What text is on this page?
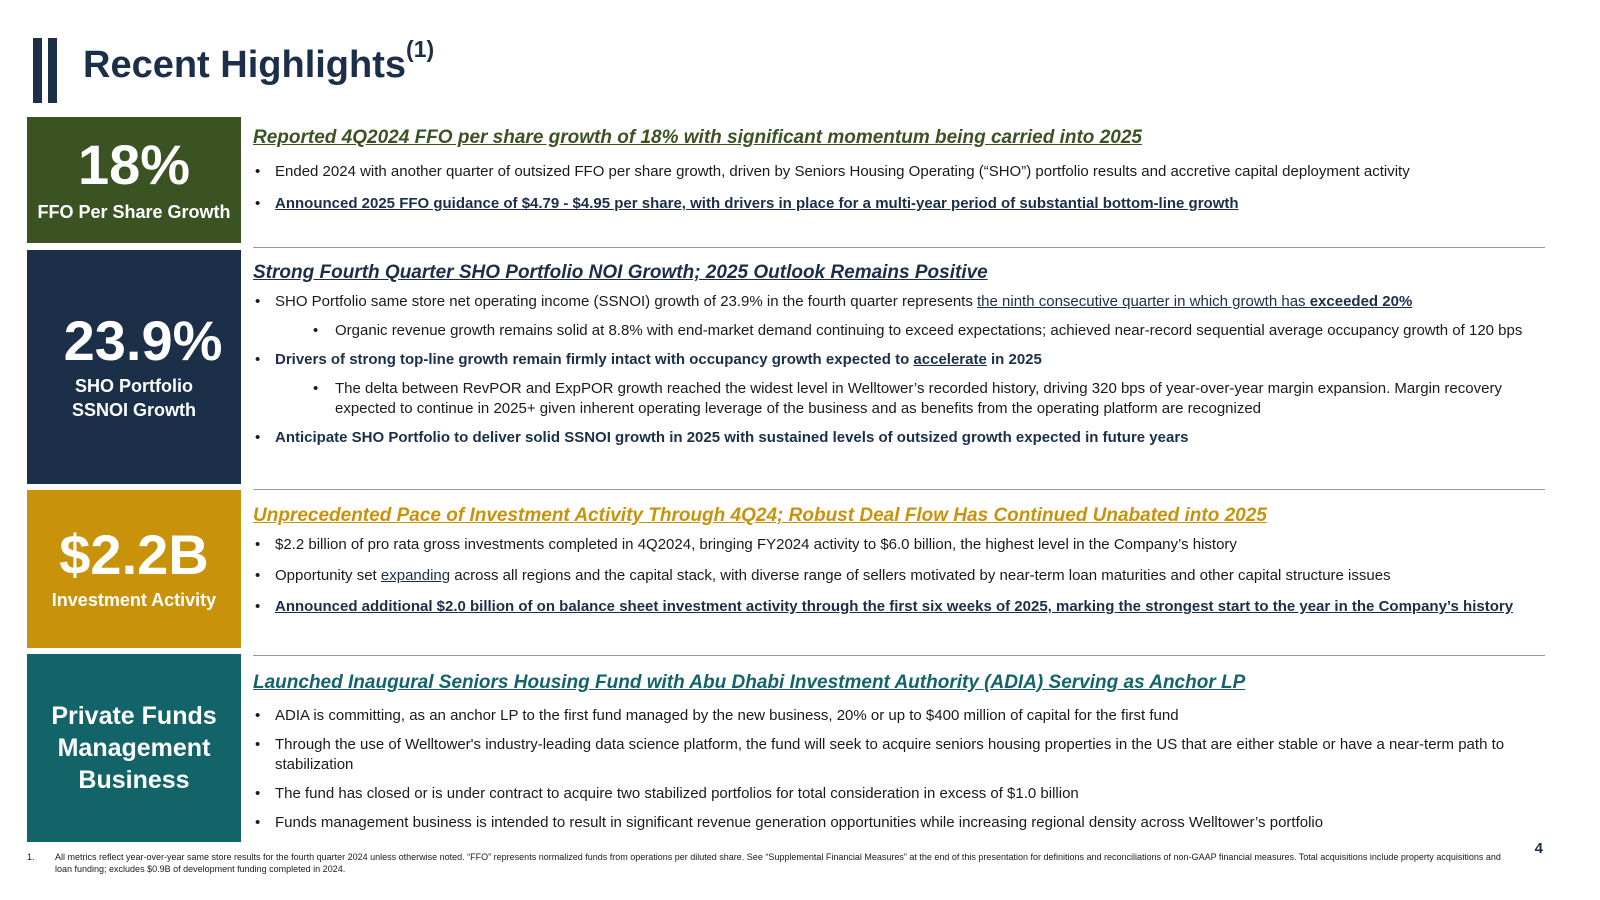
Recent Highlights$^{(1)}$
18%
FFO Per Share Growth
Reported 4Q2024 FFO per share growth of 18% with significant momentum being carried into 2025
• Ended 2024 with another quarter of outsized FFO per share growth, driven by Seniors Housing Operating (“SHO”) portfolio results and accretive capital deployment activity
• Announced 2025 FFO guidance of $4.79 - $4.95 per share, with drivers in place for a multi-year period of substantial bottom-line growth
23.9%
SHO Portfolio
SSNOI Growth
Strong Fourth Quarter SHO Portfolio NOI Growth; 2025 Outlook Remains Positive
• SHO Portfolio same store net operating income (SSNOI) growth of 23.9% in the fourth quarter represents the ninth consecutive quarter in which growth has exceeded 20%
• Organic revenue growth remains solid at 8.8% with end-market demand continuing to exceed expectations; achieved near-record sequential average occupancy growth of 120 bps
• Drivers of strong top-line growth remain firmly intact with occupancy growth expected to accelerate in 2025
• The delta between RevPOR and ExpPOR growth reached the widest level in Welltower’s recorded history, driving 320 bps of year-over-year margin expansion. Margin recovery expected to continue in 2025+ given inherent operating leverage of the business and as benefits from the operating platform are recognized
• Anticipate SHO Portfolio to deliver solid SSNOI growth in 2025 with sustained levels of outsized growth expected in future years
$2.2B
Investment Activity
Unprecedented Pace of Investment Activity Through 4Q24; Robust Deal Flow Has Continued Unabated into 2025
• $2.2 billion of pro rata gross investments completed in 4Q2024, bringing FY2024 activity to $6.0 billion, the highest level in the Company’s history
• Opportunity set expanding across all regions and the capital stack, with diverse range of sellers motivated by near-term loan maturities and other capital structure issues
• Announced additional $2.0 billion of on balance sheet investment activity through the first six weeks of 2025, marking the strongest start to the year in the Company’s history
Private Funds
Management
Business
Launched Inaugural Seniors Housing Fund with Abu Dhabi Investment Authority (ADIA) Serving as Anchor LP
• ADIA is committing, as an anchor LP to the first fund managed by the new business, 20% or up to $400 million of capital for the first fund
• Through the use of Welltower's industry-leading data science platform, the fund will seek to acquire seniors housing properties in the US that are either stable or have a near-term path to stabilization
• The fund has closed or is under contract to acquire two stabilized portfolios for total consideration in excess of $1.0 billion
• Funds management business is intended to result in significant revenue generation opportunities while increasing regional density across Welltower’s portfolio
1. All metrics reflect year-over-year same store results for the fourth quarter 2024 unless otherwise noted. “FFO” represents normalized funds from operations per diluted share. See “Supplemental Financial Measures” at the end of this presentation for definitions and reconciliations of non-GAAP financial measures. Total acquisitions include property acquisitions and loan funding; excludes $0.9B of development funding completed in 2024.
4
